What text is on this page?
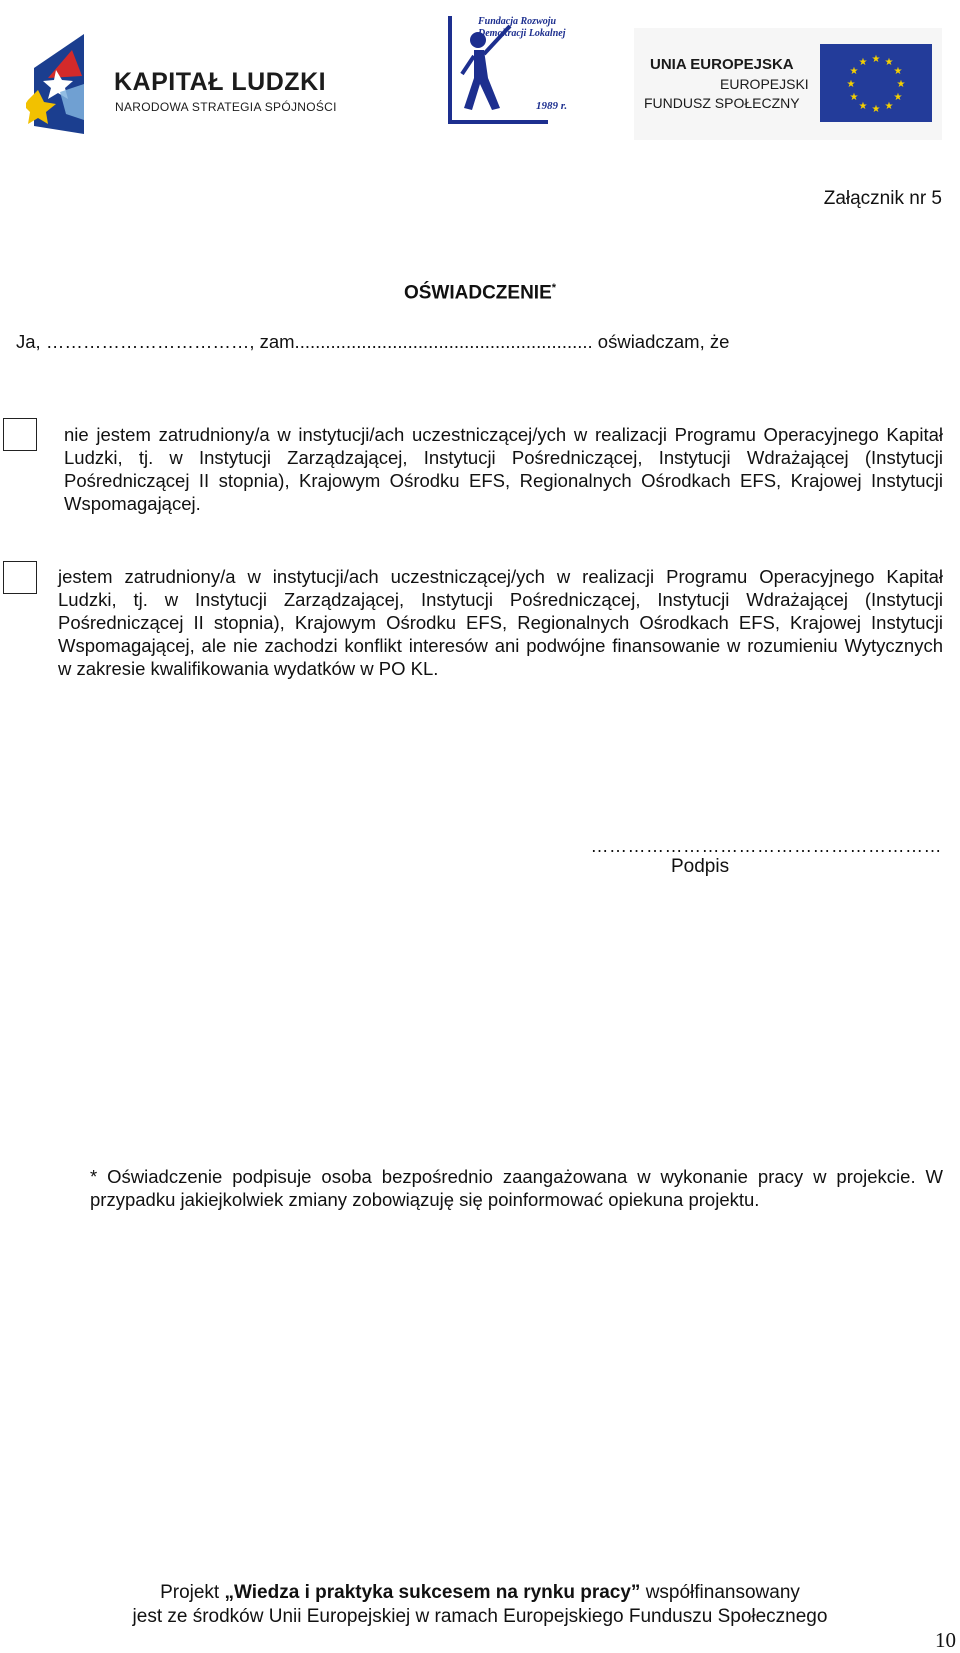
KAPITAŁ LUDZKI
NARODOWA STRATEGIA SPÓJNOŚCI
Fundacja Rozwoju Demokracji Lokalnej
1989 r.
UNIA EUROPEJSKA
EUROPEJSKI
FUNDUSZ SPOŁECZNY
★ ★
★
★
★
★
★
★
★
★
★
★
Załącznik nr 5
OŚWIADCZENIE*
Ja, ……………………………, zam.......................................................... oświadczam, że
nie jestem zatrudniony/a w instytucji/ach uczestniczącej/ych w realizacji Programu Operacyjnego Kapitał Ludzki, tj. w Instytucji Zarządzającej, Instytucji Pośredniczącej, Instytucji Wdrażającej (Instytucji Pośredniczącej II stopnia), Krajowym Ośrodku EFS, Regionalnych Ośrodkach EFS, Krajowej Instytucji Wspomagającej.
jestem zatrudniony/a w instytucji/ach uczestniczącej/ych w realizacji Programu Operacyjnego Kapitał Ludzki, tj. w Instytucji Zarządzającej, Instytucji Pośredniczącej, Instytucji Wdrażającej (Instytucji Pośredniczącej II stopnia), Krajowym Ośrodku EFS, Regionalnych Ośrodkach EFS, Krajowej Instytucji Wspomagającej, ale nie zachodzi konflikt interesów ani podwójne finansowanie w rozumieniu Wytycznych w zakresie kwalifikowania wydatków w PO KL.
…………………………………………………
Podpis
* Oświadczenie podpisuje osoba bezpośrednio zaangażowana w wykonanie pracy w projekcie. W przypadku jakiejkolwiek zmiany zobowiązuję się poinformować opiekuna projektu.
Projekt „Wiedza i praktyka sukcesem na rynku pracy” współfinansowany
jest ze środków Unii Europejskiej w ramach Europejskiego Funduszu Społecznego
10
